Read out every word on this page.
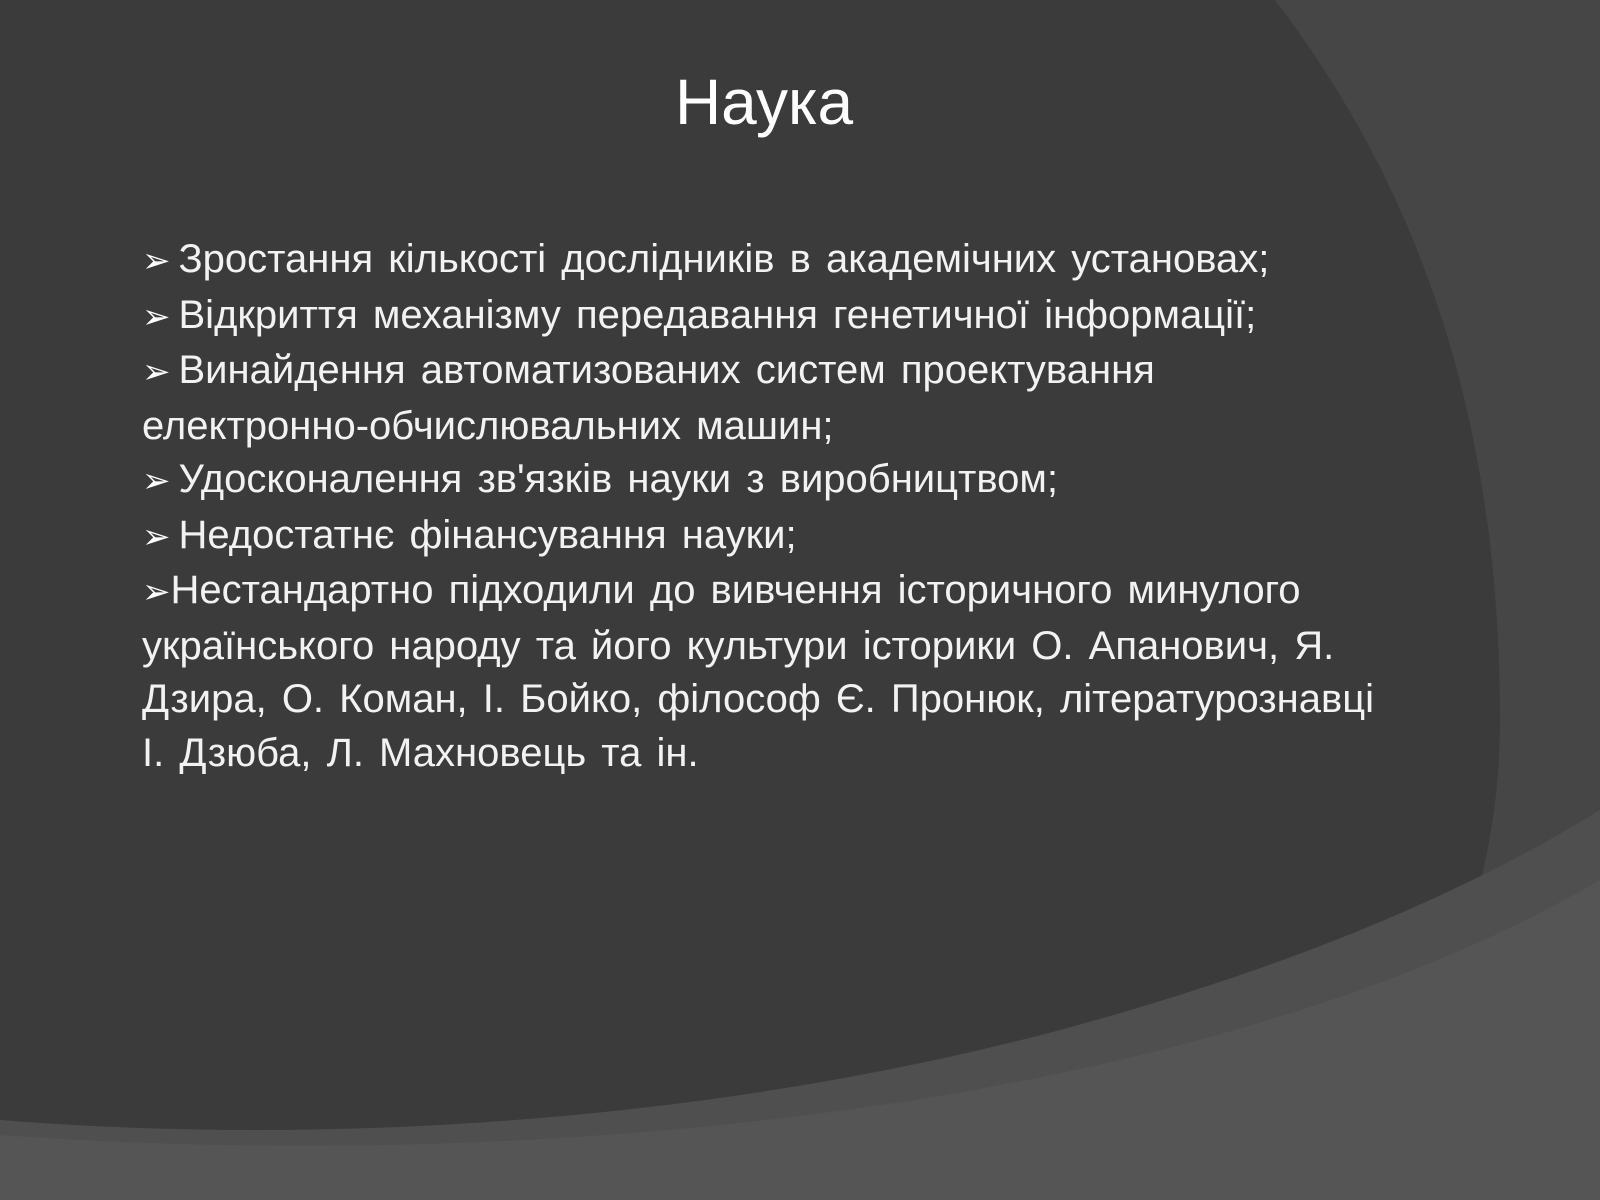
Наука

➢ Зростання кількості дослідників в академічних установах;

➢ Відкриття механізму передавання генетичної інформації;

➢ Винайдення автоматизованих систем проектування електронно-обчислювальних машин;

➢ Удосконалення зв'язків науки з виробництвом;

➢ Недостатнє фінансування науки;

➢Нестандартно підходили до вивчення історичного минулого українського народу та його культури історики О. Апанович, Я. Дзира, О. Коман, І. Бойко, філософ Є. Пронюк, літературознавці І. Дзюба, Л. Махновець та ін.
